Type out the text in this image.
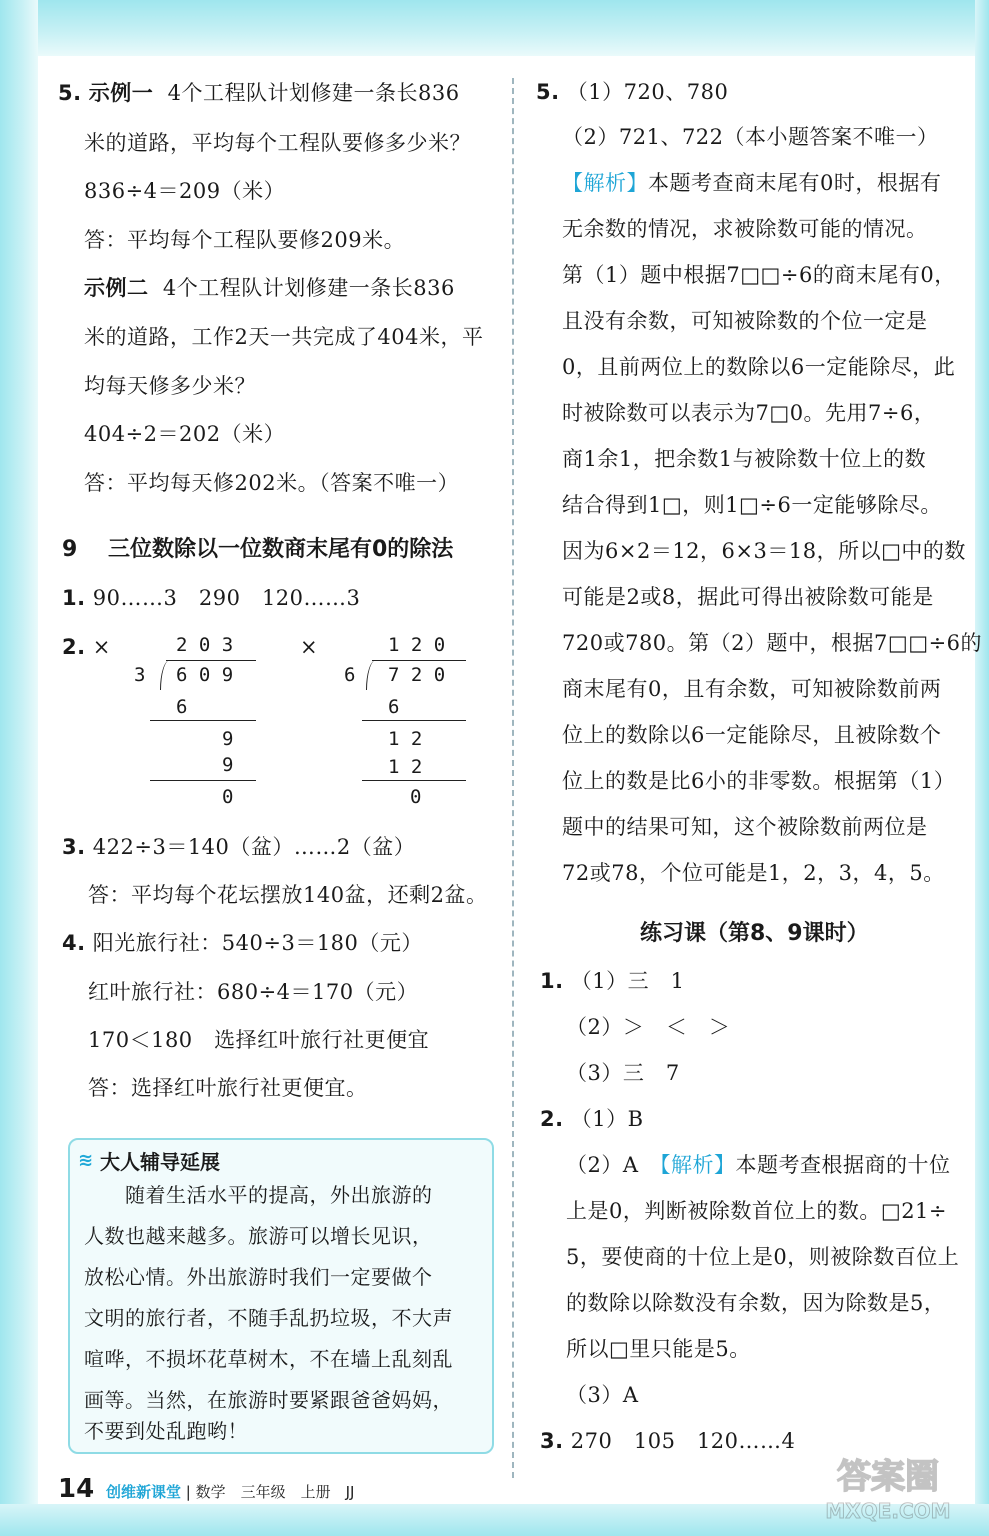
5. 示例一 4个工程队计划修建一条长836
米的道路，平均每个工程队要修多少米？
836÷4＝209（米）
答：平均每个工程队要修209米。
示例二 4个工程队计划修建一条长836
米的道路，工作2天一共完成了404米，平
均每天修多少米？
404÷2＝202（米）
答：平均每天修202米。（答案不唯一）
9 三位数除以一位数商末尾有0的除法
1. 90……3　290　120……3
2. ×	2 0 3
3 6 0 9
6
9
9
0
×	1 2 0
6 7 2 0
6
1 2
1 2
0
3. 422÷3＝140（盆）……2（盆）
答：平均每个花坛摆放140盆，还剩2盆。
4. 阳光旅行社：540÷3＝180（元）
红叶旅行社：680÷4＝170（元）
170＜180　选择红叶旅行社更便宜
答：选择红叶旅行社更便宜。
≋ 大人辅导延展
　　随着生活水平的提高，外出旅游的
人数也越来越多。旅游可以增长见识，
放松心情。外出旅游时我们一定要做个
文明的旅行者，不随手乱扔垃圾，不大声
喧哗，不损坏花草树木，不在墙上乱刻乱
画等。当然，在旅游时要紧跟爸爸妈妈，
不要到处乱跑哟！
5. （1）720、780
（2）721、722（本小题答案不唯一）
【解析】本题考查商末尾有0时，根据有
无余数的情况，求被除数可能的情况。
第（1）题中根据7□□÷6的商末尾有0，
且没有余数，可知被除数的个位一定是
0，且前两位上的数除以6一定能除尽，此
时被除数可以表示为7□0。先用7÷6，
商1余1，把余数1与被除数十位上的数
结合得到1□，则1□÷6一定能够除尽。
因为6×2＝12，6×3＝18，所以□中的数
可能是2或8，据此可得出被除数可能是
720或780。第（2）题中，根据7□□÷6的
商末尾有0，且有余数，可知被除数前两
位上的数除以6一定能除尽，且被除数个
位上的数是比6小的非零数。根据第（1）
题中的结果可知，这个被除数前两位是
72或78，个位可能是1，2，3，4，5。
练习课（第8、9课时）
1. （1）三　1
（2）＞　＜　＞
（3）三　7
2. （1）B
（2）A　【解析】本题考查根据商的十位
上是0，判断被除数首位上的数。□21÷
5，要使商的十位上是0，则被除数百位上
的数除以除数没有余数，因为除数是5，
所以□里只能是5。
（3）A
3. 270　105　120……4
14 创维新课堂 | 数学　三年级　上册　JJ	答案圈
MXQE.COM
